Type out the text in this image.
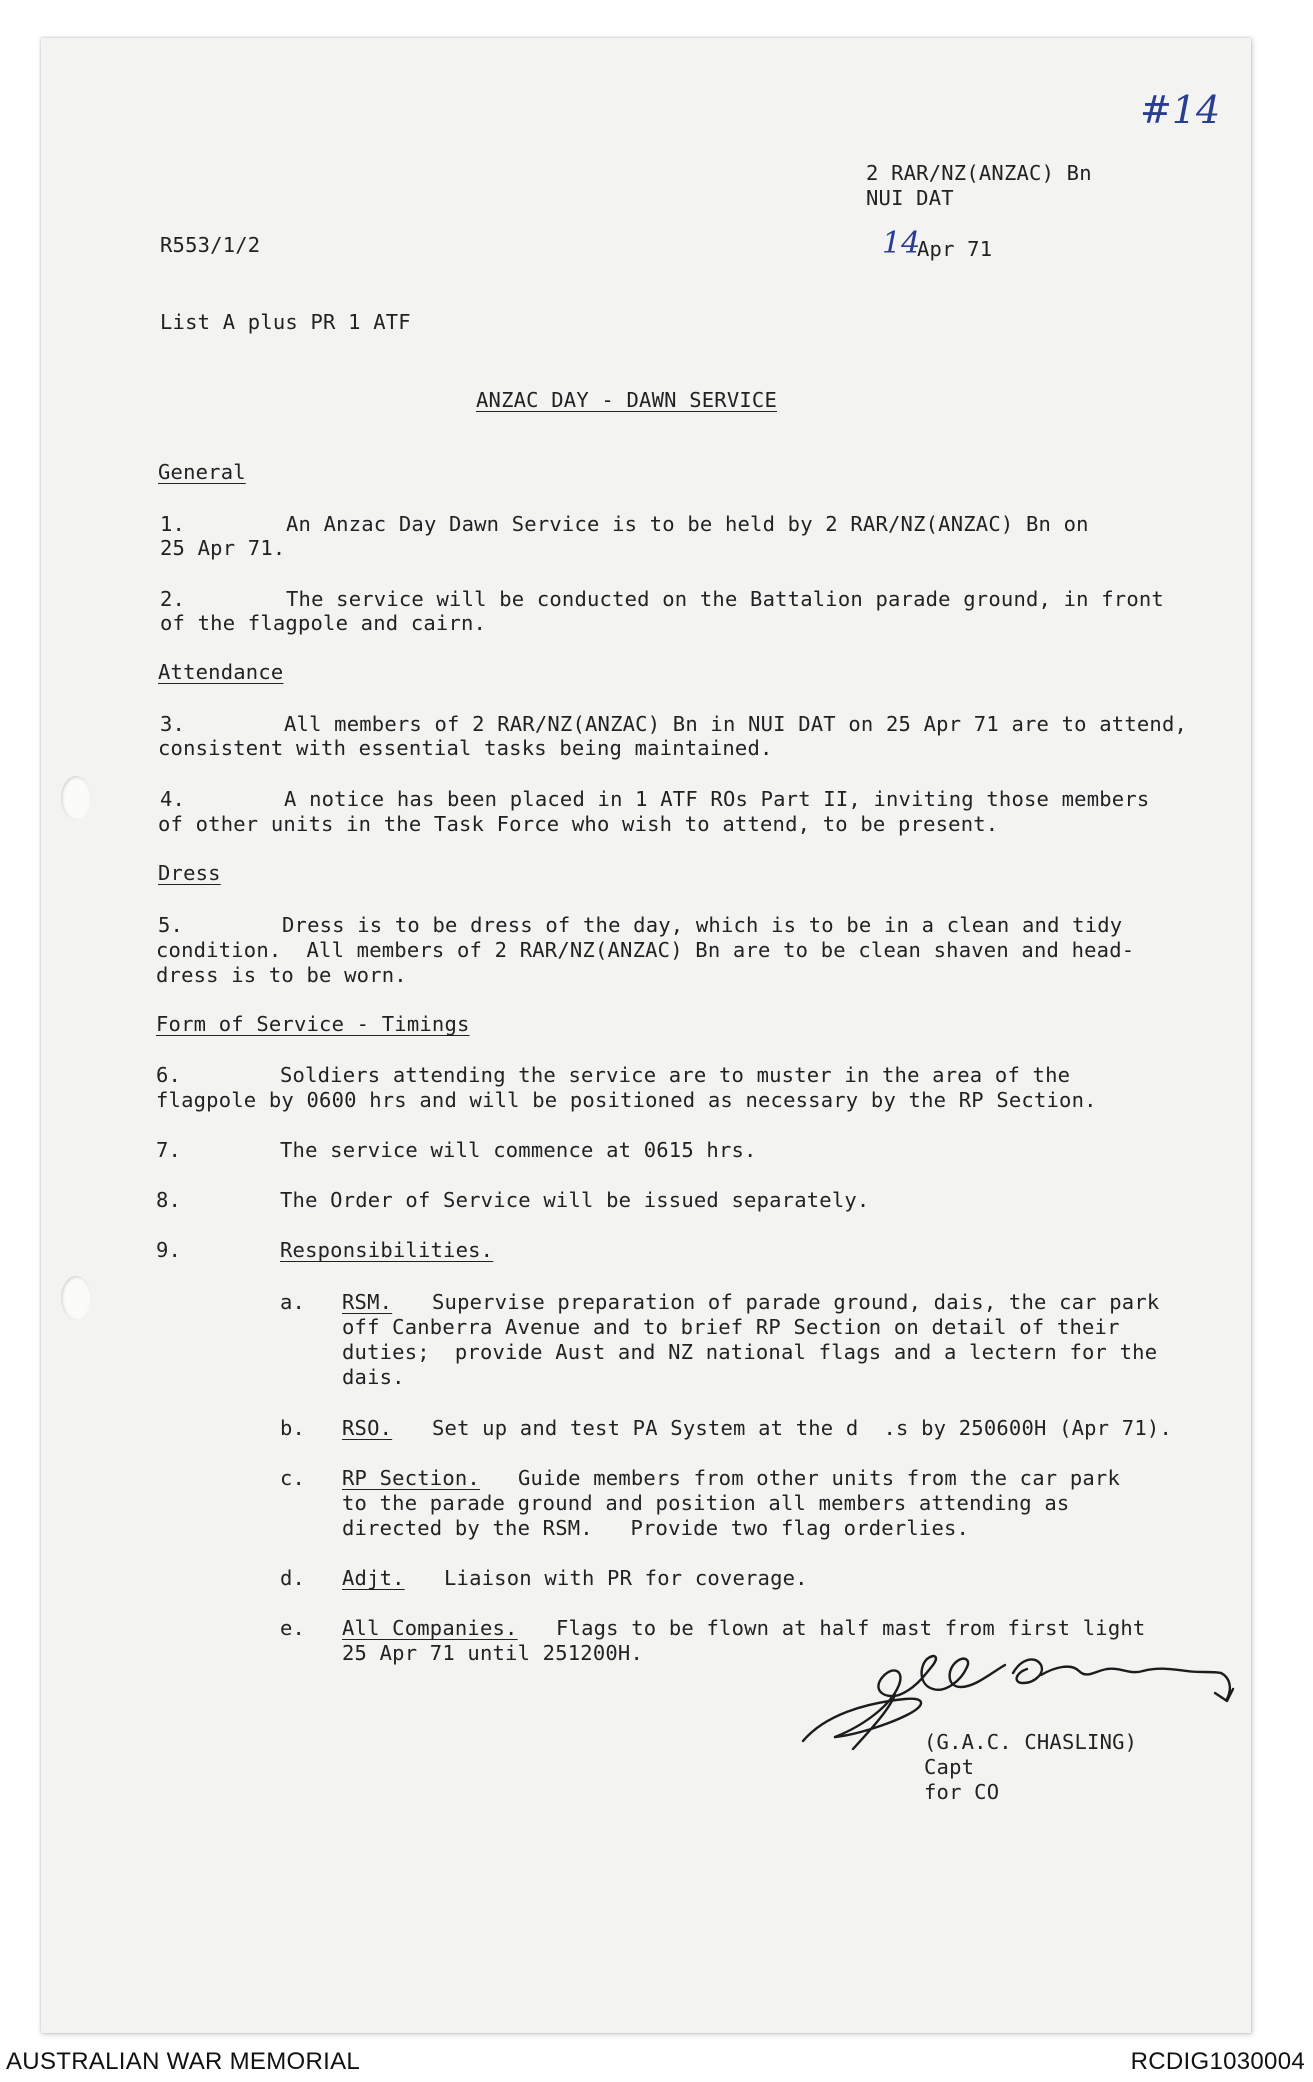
#14
2 RAR/NZ(ANZAC) Bn
NUI DAT
R553/1/2	14
Apr 71
List A plus PR 1 ATF
ANZAC DAY - DAWN SERVICE
General
1.	An Anzac Day Dawn Service is to be held by 2 RAR/NZ(ANZAC) Bn on
25 Apr 71.
2.	The service will be conducted on the Battalion parade ground, in front
of the flagpole and cairn.
Attendance
3.	All members of 2 RAR/NZ(ANZAC) Bn in NUI DAT on 25 Apr 71 are to attend,
consistent with essential tasks being maintained.
4.	A notice has been placed in 1 ATF ROs Part II, inviting those members
of other units in the Task Force who wish to attend, to be present.
Dress
5.	Dress is to be dress of the day, which is to be in a clean and tidy
condition.  All members of 2 RAR/NZ(ANZAC) Bn are to be clean shaven and head-
dress is to be worn.
Form of Service - Timings
6.	Soldiers attending the service are to muster in the area of the
flagpole by 0600 hrs and will be positioned as necessary by the RP Section.
7.	The service will commence at 0615 hrs.
8.	The Order of Service will be issued separately.
9.	Responsibilities.
a. RSM. Supervise preparation of parade ground, dais, the car park
off Canberra Avenue and to brief RP Section on detail of their
duties;  provide Aust and NZ national flags and a lectern for the
dais.
b. RSO. Set up and test PA System at the d  .s by 250600H (Apr 71).
c. RP Section. Guide members from other units from the car park
to the parade ground and position all members attending as
directed by the RSM.   Provide two flag orderlies.
d. Adjt. Liaison with PR for coverage.
e. All Companies. Flags to be flown at half mast from first light
25 Apr 71 until 251200H.
(G.A.C. CHASLING)
Capt
for CO
AUSTRALIAN WAR MEMORIAL	RCDIG1030004
